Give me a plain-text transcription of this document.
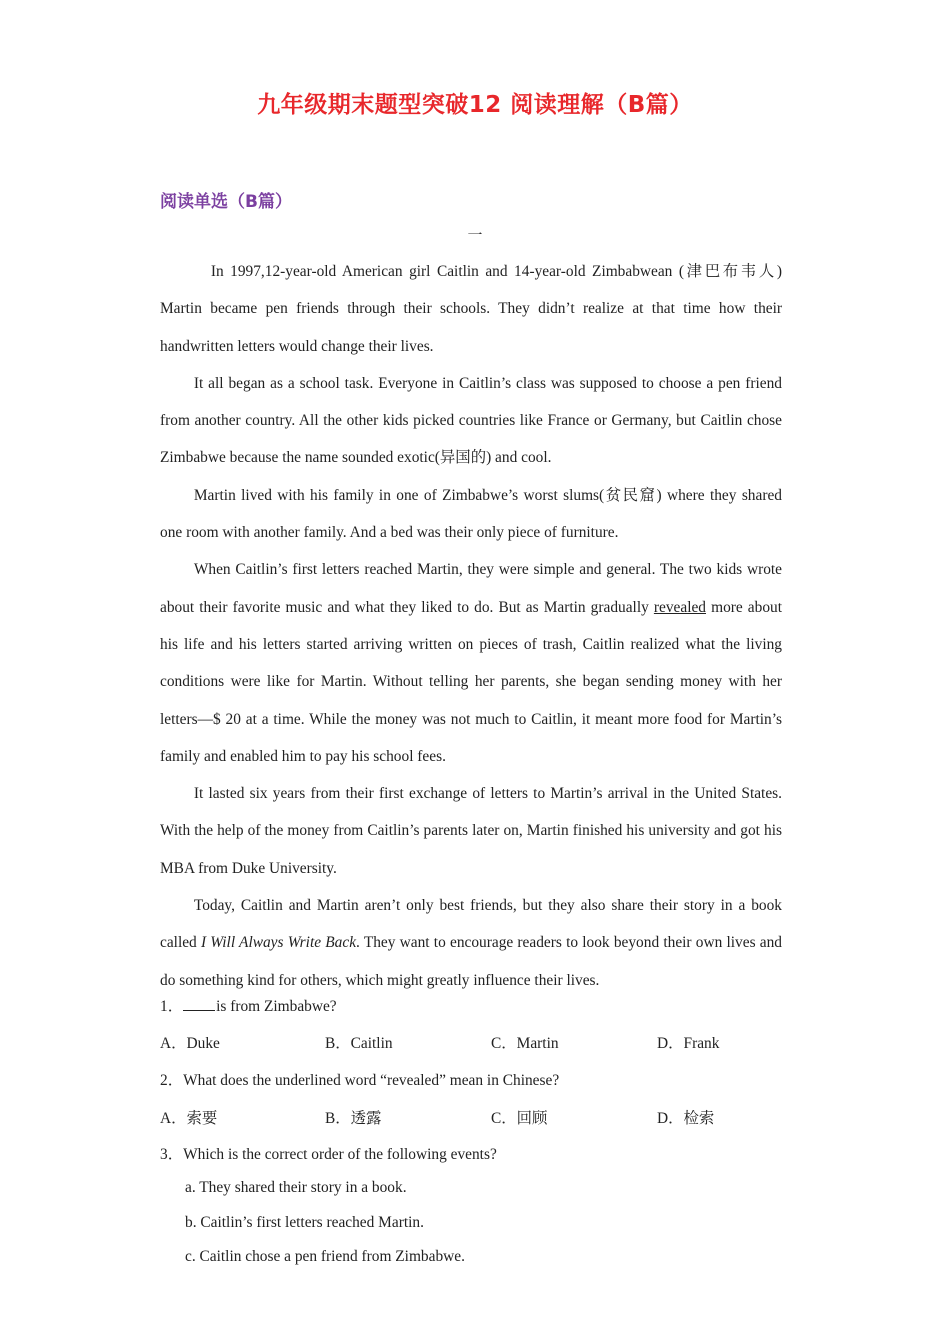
九年级期末题型突破12 阅读理解（B篇）
阅读单选（B篇）
一

In 1997,12-year-old American girl Caitlin and 14-year-old Zimbabwean (津巴布韦人) Martin became pen friends through their schools. They didn’t realize at that time how their handwritten letters would change their lives.

It all began as a school task. Everyone in Caitlin’s class was supposed to choose a pen friend from another country. All the other kids picked countries like France or Germany, but Caitlin chose Zimbabwe because the name sounded exotic(异国的) and cool.

Martin lived with his family in one of Zimbabwe’s worst slums(贫民窟) where they shared one room with another family. And a bed was their only piece of furniture.

When Caitlin’s first letters reached Martin, they were simple and general. The two kids wrote about their favorite music and what they liked to do. But as Martin gradually revealed more about his life and his letters started arriving written on pieces of trash, Caitlin realized what the living conditions were like for Martin. Without telling her parents, she began sending money with her letters—$ 20 at a time. While the money was not much to Caitlin, it meant more food for Martin’s family and enabled him to pay his school fees.

It lasted six years from their first exchange of letters to Martin’s arrival in the United States. With the help of the money from Caitlin’s parents later on, Martin finished his university and got his MBA from Duke University.

Today, Caitlin and Martin aren’t only best friends, but they also share their story in a book called I Will Always Write Back. They want to encourage readers to look beyond their own lives and do something kind for others, which might greatly influence their lives.

1． is from Zimbabwe?
A．Duke	B．Caitlin	C．Martin	D．Frank
2．What does the underlined word “revealed” mean in Chinese?
A．索要	B．透露	C．回顾	D．检索
3．Which is the correct order of the following events?
a. They shared their story in a book.
b. Caitlin’s first letters reached Martin.
c. Caitlin chose a pen friend from Zimbabwe.
